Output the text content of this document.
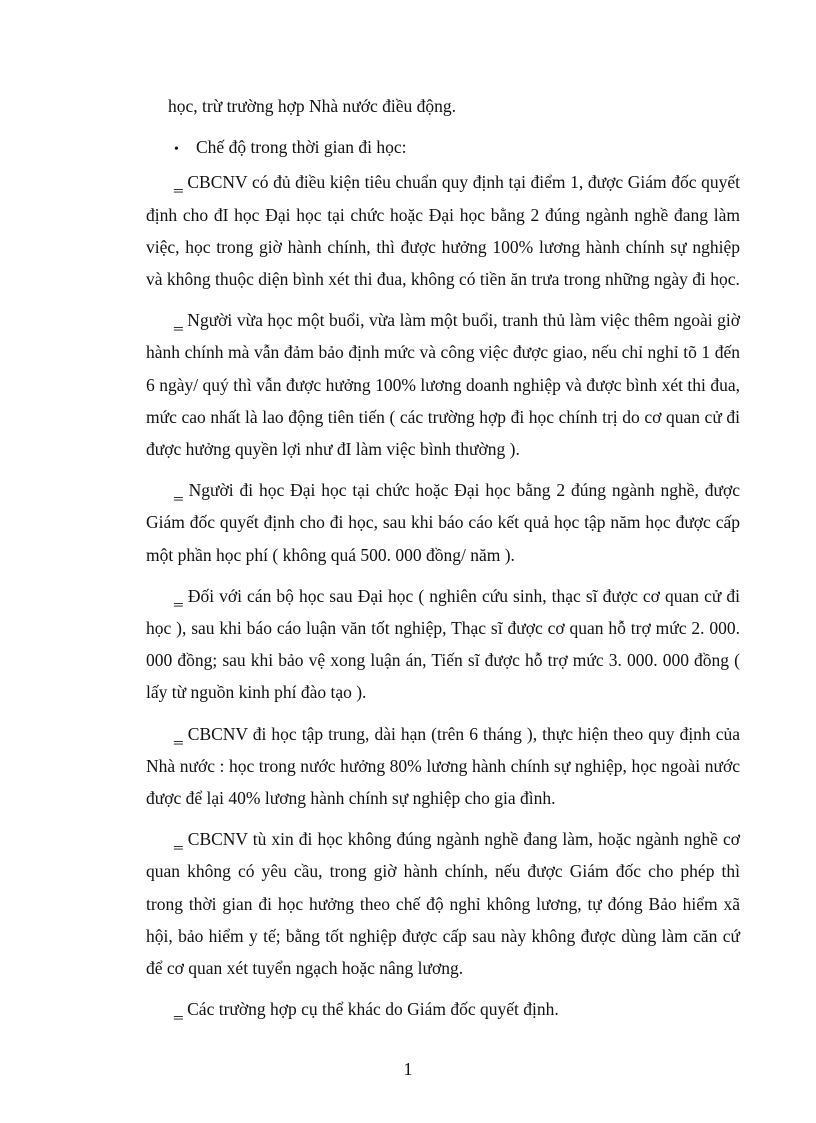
học, trừ trường hợp Nhà nước điều động.

• Chế độ trong thời gian đi học:

‗ CBCNV có đủ điều kiện tiêu chuẩn quy định tại điểm 1, được Giám đốc quyết định cho đI học Đại học tại chức hoặc Đại học bằng 2 đúng ngành nghề đang làm việc, học trong giờ hành chính, thì được hưởng 100% lương hành chính sự nghiệp và không thuộc diện bình xét thi đua, không có tiền ăn trưa trong những ngày đi học.

‗ Người vừa học một buổi, vừa làm một buổi, tranh thủ làm việc thêm ngoài giờ hành chính mà vẫn đảm bảo định mức và công việc được giao, nếu chỉ nghỉ tõ 1 đến 6 ngày/ quý thì vẫn được hưởng 100% lương doanh nghiệp và được bình xét thi đua, mức cao nhất là lao động tiên tiến ( các trường hợp đi học chính trị do cơ quan cử đi được hưởng quyền lợi như đI làm việc bình thường ).

‗ Người đi học Đại học tại chức hoặc Đại học bằng 2 đúng ngành nghề, được Giám đốc quyết định cho đi học, sau khi báo cáo kết quả học tập năm học được cấp một phần học phí ( không quá 500. 000 đồng/ năm ).

‗ Đối với cán bộ học sau Đại học ( nghiên cứu sinh, thạc sĩ được cơ quan cử đi học ), sau khi báo cáo luận văn tốt nghiệp, Thạc sĩ được cơ quan hỗ trợ mức 2. 000. 000 đồng; sau khi bảo vệ xong luận án, Tiến sĩ được hỗ trợ mức 3. 000. 000 đồng ( lấy từ nguồn kinh phí đào tạo ).

‗ CBCNV đi học tập trung, dài hạn (trên 6 tháng ), thực hiện theo quy định của Nhà nước : học trong nước hưởng 80% lương hành chính sự nghiệp, học ngoài nước được để lại 40% lương hành chính sự nghiệp cho gia đình.

‗ CBCNV tù xin đi học không đúng ngành nghề đang làm, hoặc ngành nghề cơ quan không có yêu cầu, trong giờ hành chính, nếu được Giám đốc cho phép thì trong thời gian đi học hưởng theo chế độ nghỉ không lương, tự đóng Bảo hiểm xã hội, bảo hiểm y tế; bằng tốt nghiệp được cấp sau này không được dùng làm căn cứ để cơ quan xét tuyển ngạch hoặc nâng lương.

‗ Các trường hợp cụ thể khác do Giám đốc quyết định.

1
